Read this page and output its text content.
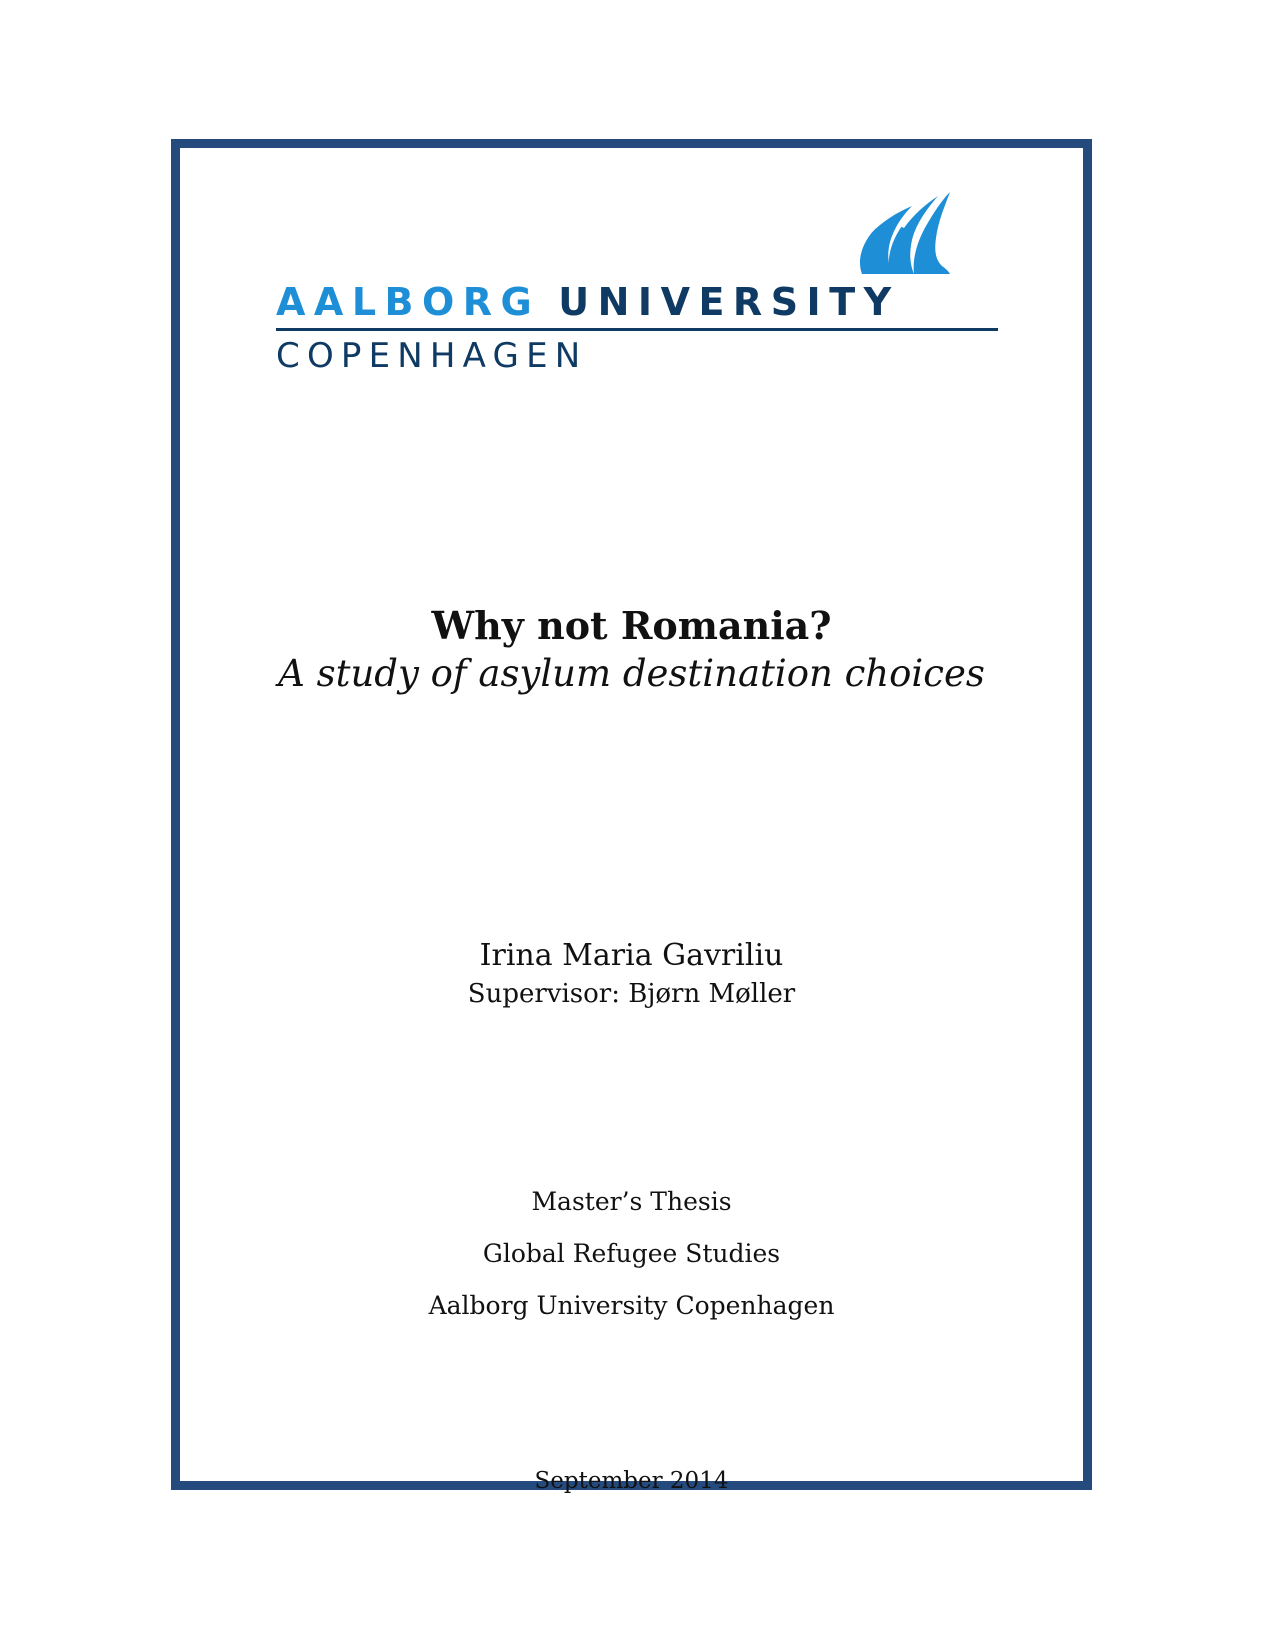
AALBORG UNIVERSITY
COPENHAGEN
Why not Romania?
A study of asylum destination choices
Irina Maria Gavriliu
Supervisor: Bjørn Møller
Master’s Thesis
Global Refugee Studies
Aalborg University Copenhagen
September 2014
